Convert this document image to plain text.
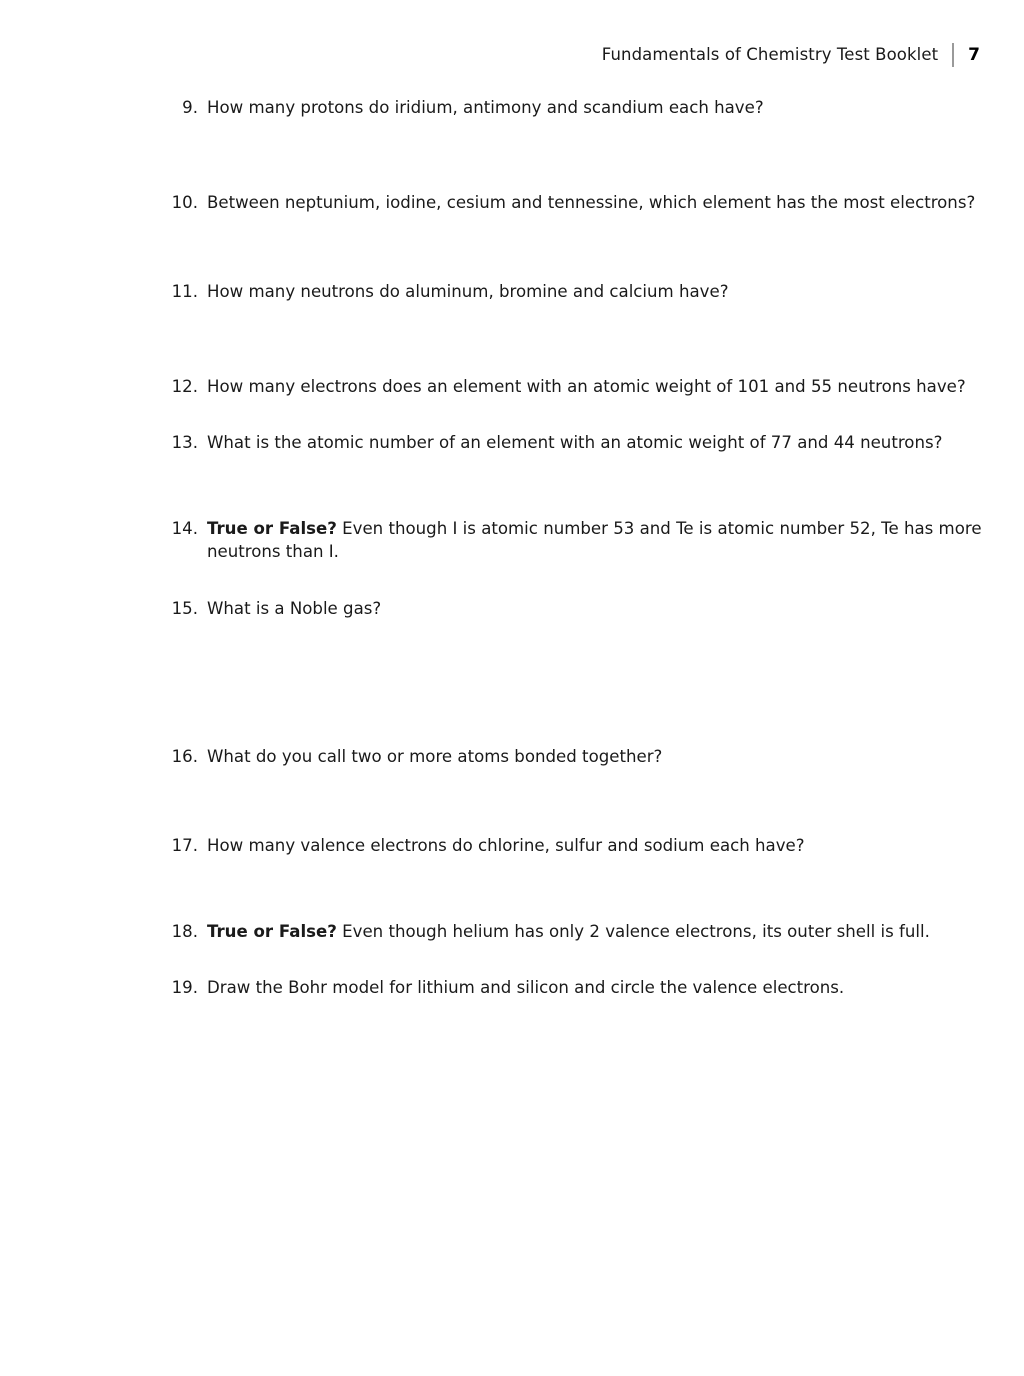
Fundamentals of Chemistry Test Booklet 7
9. How many protons do iridium, antimony and scandium each have?
10. Between neptunium, iodine, cesium and tennessine, which element has the most electrons?
11. How many neutrons do aluminum, bromine and calcium have?
12. How many electrons does an element with an atomic weight of 101 and 55 neutrons have?
13. What is the atomic number of an element with an atomic weight of 77 and 44 neutrons?
14. True or False? Even though I is atomic number 53 and Te is atomic number 52, Te has more neutrons than I.
15. What is a Noble gas?
16. What do you call two or more atoms bonded together?
17. How many valence electrons do chlorine, sulfur and sodium each have?
18. True or False? Even though helium has only 2 valence electrons, its outer shell is full.
19. Draw the Bohr model for lithium and silicon and circle the valence electrons.
